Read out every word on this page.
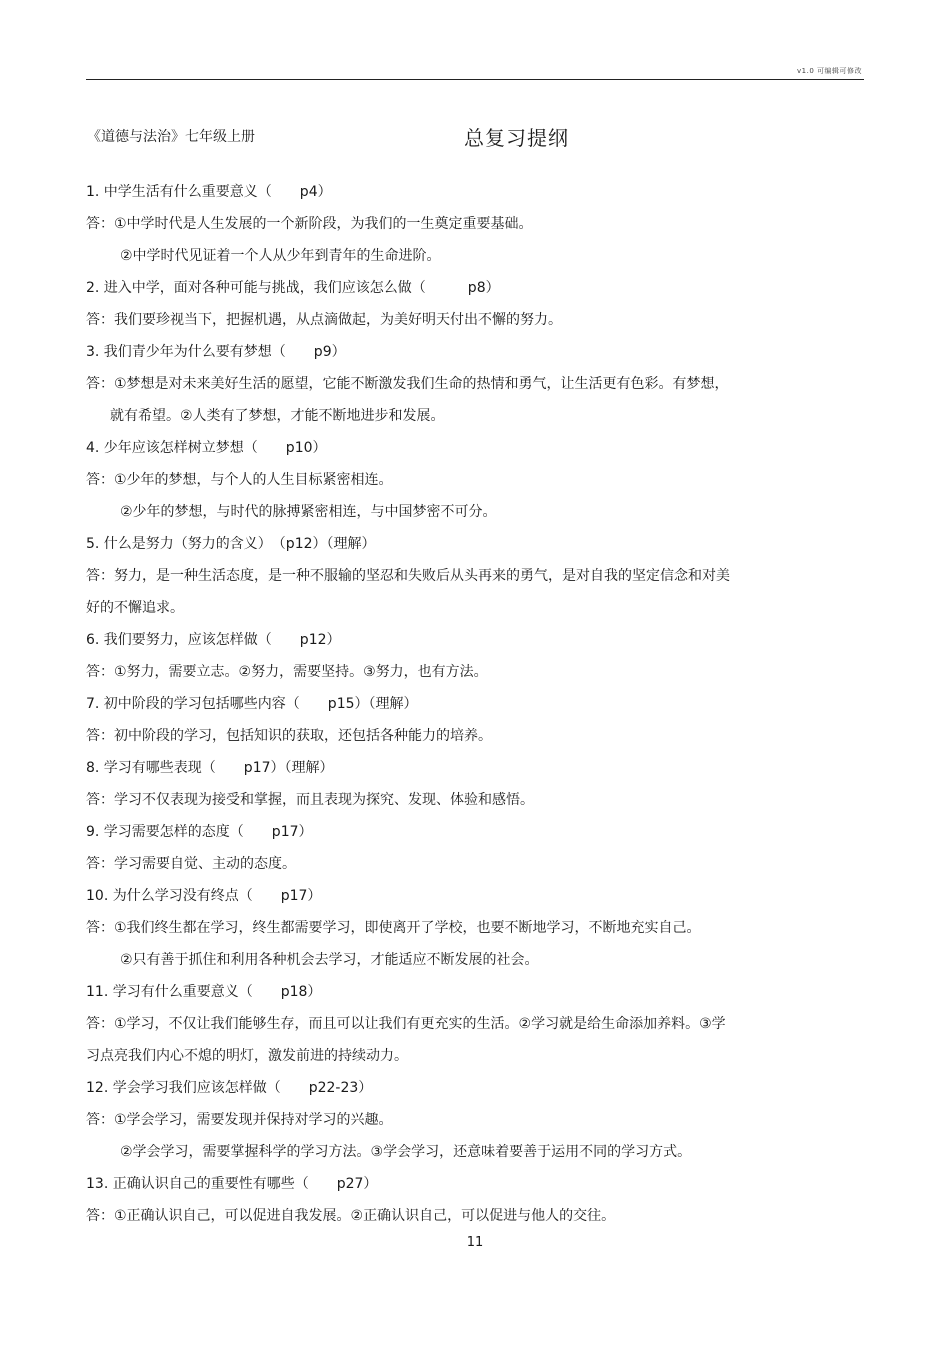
v1.0 可编辑可修改
《道德与法治》七年级上册	总复习提纲
1. 中学生活有什么重要意义（　　p4）
答：①中学时代是人生发展的一个新阶段，为我们的一生奠定重要基础。
②中学时代见证着一个人从少年到青年的生命进阶。
2. 进入中学，面对各种可能与挑战，我们应该怎么做（　　　p8）
答：我们要珍视当下，把握机遇，从点滴做起，为美好明天付出不懈的努力。
3. 我们青少年为什么要有梦想（　　p9）
答：①梦想是对未来美好生活的愿望，它能不断激发我们生命的热情和勇气，让生活更有色彩。有梦想，
就有希望。②人类有了梦想，才能不断地进步和发展。
4. 少年应该怎样树立梦想（　　p10）
答：①少年的梦想，与个人的人生目标紧密相连。
②少年的梦想，与时代的脉搏紧密相连，与中国梦密不可分。
5. 什么是努力（努力的含义）　（p12）（理解）
答：努力，是一种生活态度，是一种不服输的坚忍和失败后从头再来的勇气，是对自我的坚定信念和对美
好的不懈追求。
6. 我们要努力，应该怎样做（　　p12）
答：①努力，需要立志。②努力，需要坚持。③努力，也有方法。
7. 初中阶段的学习包括哪些内容（　　p15）（理解）
答：初中阶段的学习，包括知识的获取，还包括各种能力的培养。
8. 学习有哪些表现（　　p17）（理解）
答：学习不仅表现为接受和掌握，而且表现为探究、发现、体验和感悟。
9. 学习需要怎样的态度（　　p17）
答：学习需要自觉、主动的态度。
10. 为什么学习没有终点（　　p17）
答：①我们终生都在学习，终生都需要学习，即使离开了学校，也要不断地学习，不断地充实自己。
②只有善于抓住和利用各种机会去学习，才能适应不断发展的社会。
11. 学习有什么重要意义（　　p18）
答：①学习，不仅让我们能够生存，而且可以让我们有更充实的生活。②学习就是给生命添加养料。③学
习点亮我们内心不熄的明灯，激发前进的持续动力。
12. 学会学习我们应该怎样做（　　p22-23）
答：①学会学习，需要发现并保持对学习的兴趣。
②学会学习，需要掌握科学的学习方法。③学会学习，还意味着要善于运用不同的学习方式。
13. 正确认识自己的重要性有哪些（　　p27）
答：①正确认识自己，可以促进自我发展。②正确认识自己，可以促进与他人的交往。
11
